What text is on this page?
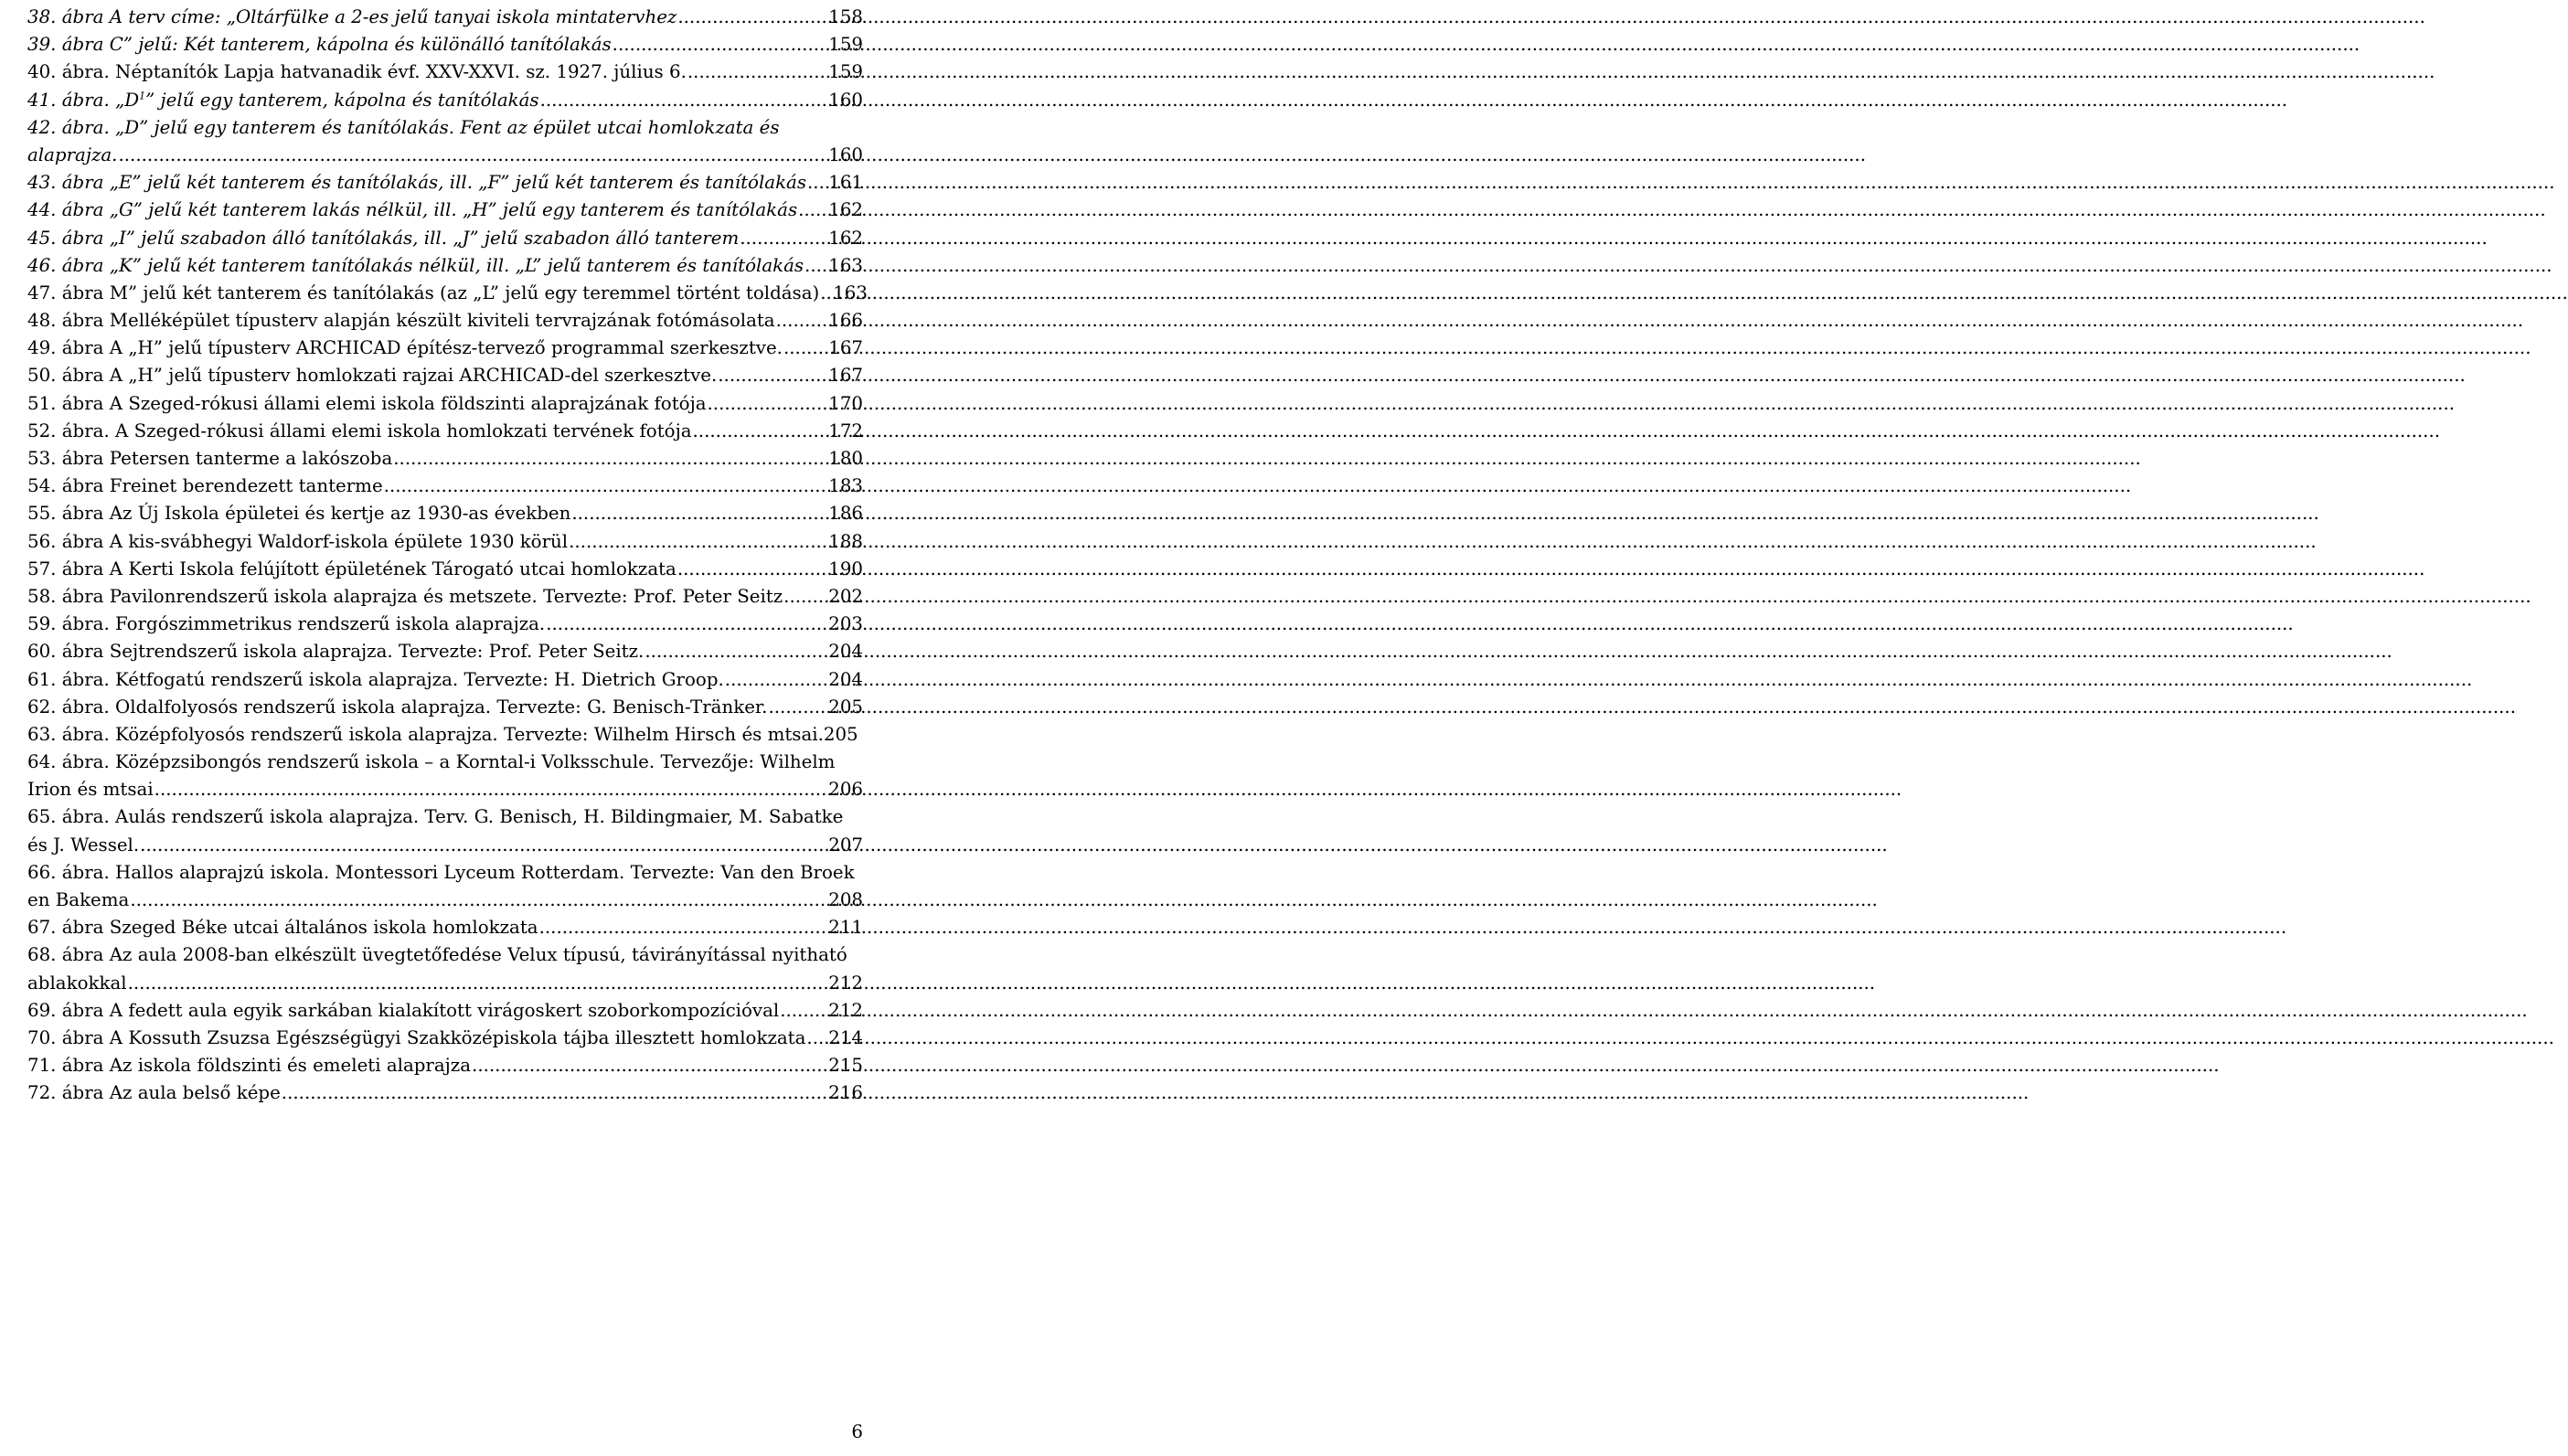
38. ábra A terv címe: „Oltárfülke a 2-es jelű tanyai iskola mintatervhez .....	158
39. ábra C” jelű: Két tanterem, kápolna és különálló tanítólakás .....	159
40. ábra. Néptanítók Lapja hatvanadik évf. XXV-XXVI. sz. 1927. július 6. .....	159
41. ábra. $„D^1$” jelű egy tanterem, kápolna és tanítólakás .....	160
42. ábra. „D” jelű egy tanterem és tanítólakás. Fent az épület utcai homlokzata és
alaprajza. .....	160
43. ábra „E” jelű két tanterem és tanítólakás, ill. „F” jelű két tanterem és tanítólakás ..... 161
44. ábra „G” jelű két tanterem lakás nélkül, ill. „H” jelű egy tanterem és tanítólakás ..... 162
45. ábra „I” jelű szabadon álló tanítólakás, ill. „J” jelű szabadon álló tanterem .....	162
46. ábra „K” jelű két tanterem tanítólakás nélkül, ill. „L” jelű tanterem és tanítólakás ..... 163
47. ábra M” jelű két tanterem és tanítólakás (az „L” jelű egy teremmel történt toldása) ..... 163
48. ábra Melléképület típusterv alapján készült kiviteli tervrajzának fotómásolata .....	166
49. ábra A „H” jelű típusterv ARCHICAD építész-tervező programmal szerkesztve. .....	167
50. ábra A „H” jelű típusterv homlokzati rajzai ARCHICAD-del szerkesztve. .....	167
51. ábra A Szeged-rókusi állami elemi iskola földszinti alaprajzának fotója .....	170
52. ábra. A Szeged-rókusi állami elemi iskola homlokzati tervének fotója .....	172
53. ábra Petersen tanterme a lakószoba .....	180
54. ábra Freinet berendezett tanterme .....	183
55. ábra Az Új Iskola épületei és kertje az 1930-as években .....	186
56. ábra A kis-svábhegyi Waldorf-iskola épülete 1930 körül .....	188
57. ábra A Kerti Iskola felújított épületének Tárogató utcai homlokzata .....	190
58. ábra Pavilonrendszerű iskola alaprajza és metszete. Tervezte: Prof. Peter Seitz .....	202
59. ábra. Forgószimmetrikus rendszerű iskola alaprajza. .....	203
60. ábra Sejtrendszerű iskola alaprajza. Tervezte: Prof. Peter Seitz. .....	204
61. ábra. Kétfogatú rendszerű iskola alaprajza. Tervezte: H. Dietrich Groop. .....	204
62. ábra. Oldalfolyosós rendszerű iskola alaprajza. Tervezte: G. Benisch-Tränker. .....	205
63. ábra. Középfolyosós rendszerű iskola alaprajza. Tervezte: Wilhelm Hirsch és mtsai. 205
64. ábra. Középzsibongós rendszerű iskola – a Korntal-i Volksschule. Tervezője: Wilhelm
Irion és mtsai .....	206
65. ábra. Aulás rendszerű iskola alaprajza. Terv. G. Benisch, H. Bildingmaier, M. Sabatke
és J. Wessel. .....	207
66. ábra. Hallos alaprajzú iskola. Montessori Lyceum Rotterdam. Tervezte: Van den Broek
en Bakema .....	208
67. ábra Szeged Béke utcai általános iskola homlokzata .....	211
68. ábra Az aula 2008-ban elkészült üvegtetőfedése Velux típusú, távirányítással nyitható
ablakokkal .....	212
69. ábra A fedett aula egyik sarkában kialakított virágoskert szoborkompozícióval .....	212
70. ábra A Kossuth Zsuzsa Egészségügyi Szakközépiskola tájba illesztett homlokzata ..... 214
71. ábra Az iskola földszinti és emeleti alaprajza .....	215
72. ábra Az aula belső képe .....	216
6
